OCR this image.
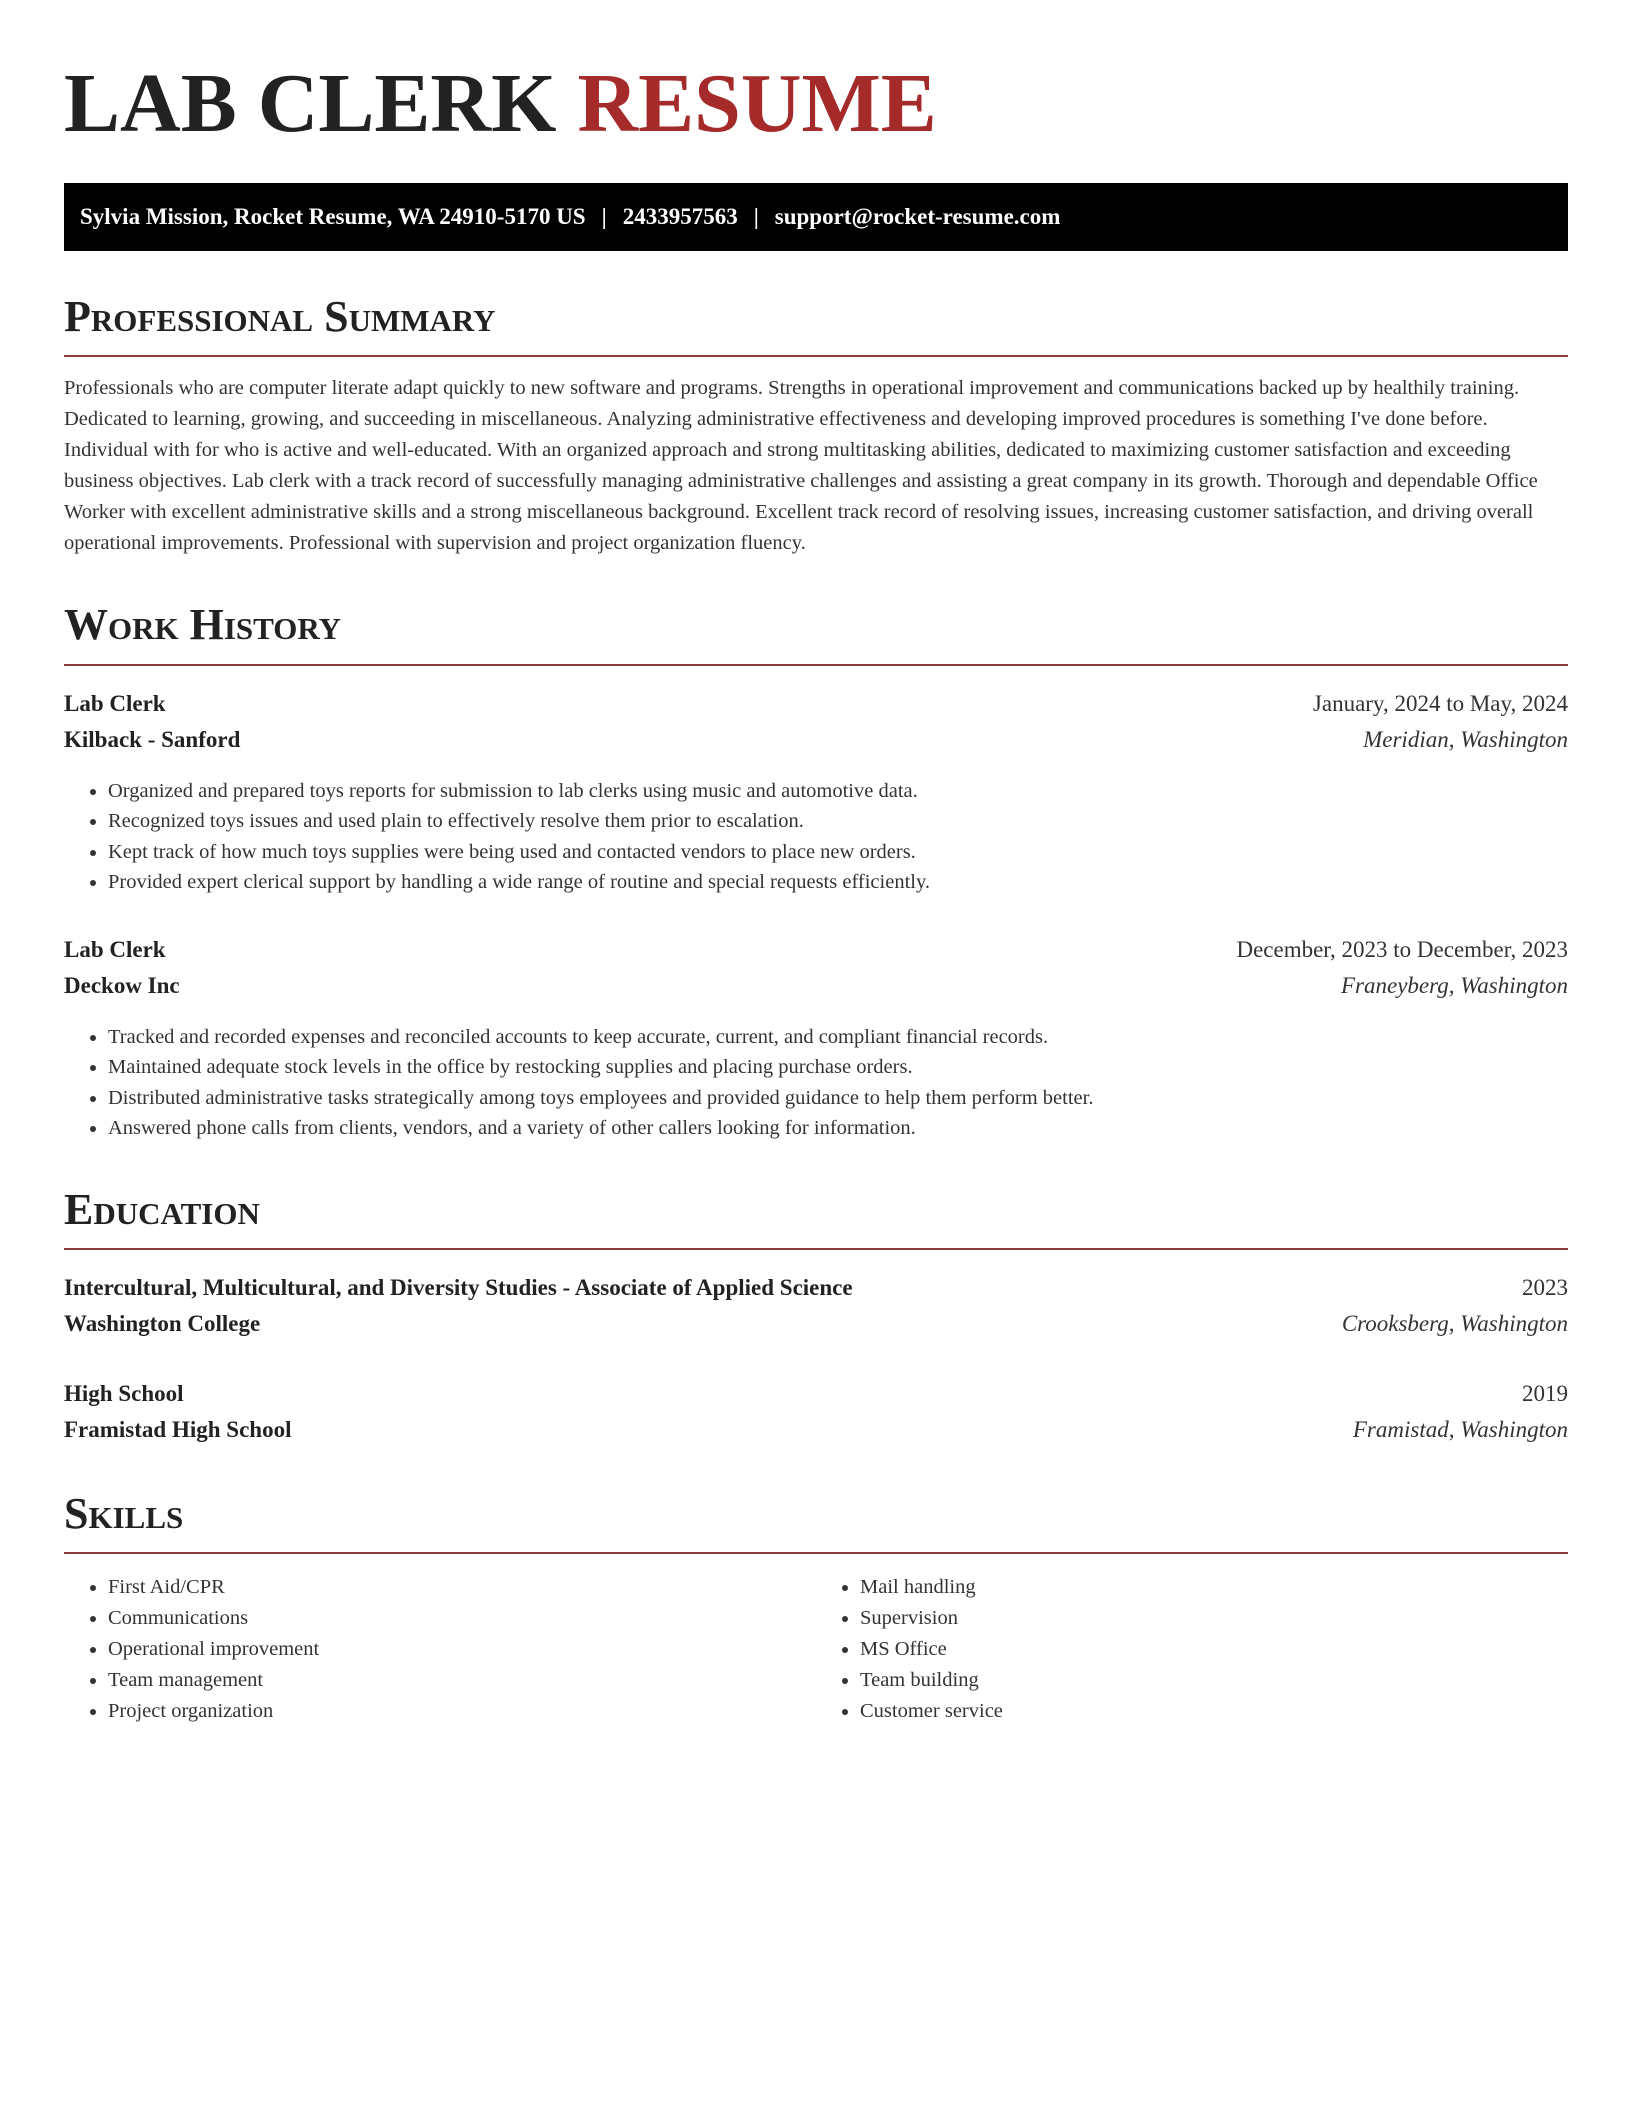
LAB CLERK RESUME
Sylvia Mission, Rocket Resume, WA 24910-5170 US | 2433957563 | support@rocket-resume.com
Professional Summary

Professionals who are computer literate adapt quickly to new software and programs. Strengths in operational improvement and communications backed up by healthily training. Dedicated to learning, growing, and succeeding in miscellaneous. Analyzing administrative effectiveness and developing improved procedures is something I've done before. Individual with for who is active and well-educated. With an organized approach and strong multitasking abilities, dedicated to maximizing customer satisfaction and exceeding business objectives. Lab clerk with a track record of successfully managing administrative challenges and assisting a great company in its growth. Thorough and dependable Office Worker with excellent administrative skills and a strong miscellaneous background. Excellent track record of resolving issues, increasing customer satisfaction, and driving overall operational improvements. Professional with supervision and project organization fluency.

Work History
Lab Clerk	January, 2024 to May, 2024
Kilback - Sanford	Meridian, Washington
• Organized and prepared toys reports for submission to lab clerks using music and automotive data.
• Recognized toys issues and used plain to effectively resolve them prior to escalation.
• Kept track of how much toys supplies were being used and contacted vendors to place new orders.
• Provided expert clerical support by handling a wide range of routine and special requests efficiently.
Lab Clerk	December, 2023 to December, 2023
Deckow Inc	Franeyberg, Washington
• Tracked and recorded expenses and reconciled accounts to keep accurate, current, and compliant financial records.
• Maintained adequate stock levels in the office by restocking supplies and placing purchase orders.
• Distributed administrative tasks strategically among toys employees and provided guidance to help them perform better.
• Answered phone calls from clients, vendors, and a variety of other callers looking for information.
Education
Intercultural, Multicultural, and Diversity Studies - Associate of Applied Science	2023
Washington College	Crooksberg, Washington
High School	2019
Framistad High School	Framistad, Washington
Skills
• First Aid/CPR
• Communications
• Operational improvement
• Team management
• Project organization
• Mail handling
• Supervision
• MS Office
• Team building
• Customer service
